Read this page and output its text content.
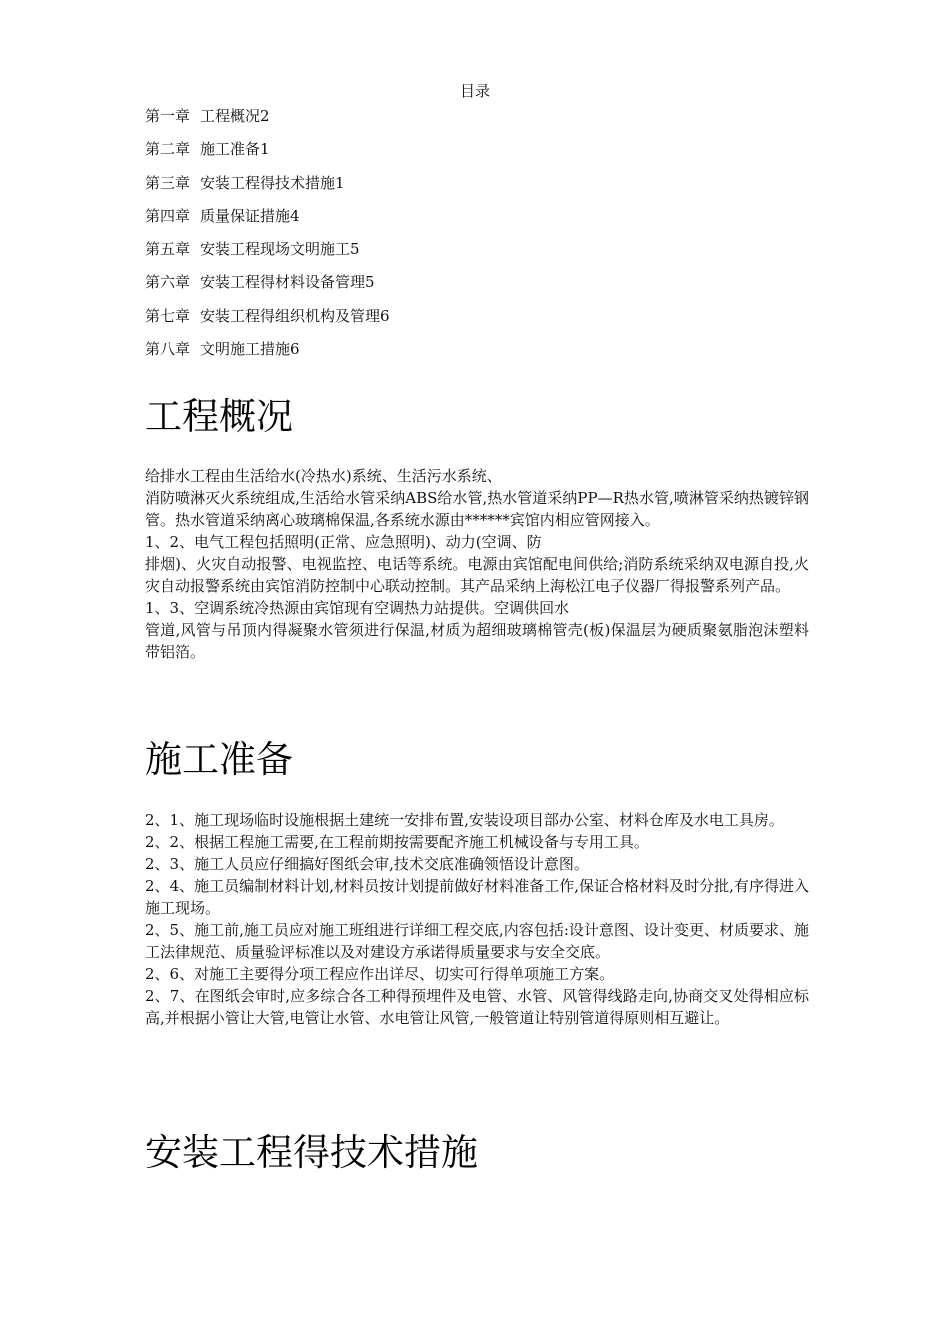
目录
第一章 工程概况2
第二章 施工准备1
第三章 安装工程得技术措施1
第四章 质量保证措施4
第五章 安装工程现场文明施工5
第六章 安装工程得材料设备管理5
第七章 安装工程得组织机构及管理6
第八章 文明施工措施6
工程概况

给排水工程由生活给水(冷热水)系统、生活污水系统、

消防喷淋灭火系统组成,生活给水管采纳ABS给水管,热水管道采纳PP—R热水管,喷淋管采纳热镀锌钢管。热水管道采纳离心玻璃棉保温,各系统水源由******宾馆内相应管网接入。

1、2、电气工程包括照明(正常、应急照明)、动力(空调、防

排烟)、火灾自动报警、电视监控、电话等系统。电源由宾馆配电间供给;消防系统采纳双电源自投,火灾自动报警系统由宾馆消防控制中心联动控制。其产品采纳上海松江电子仪器厂得报警系列产品。

1、3、空调系统冷热源由宾馆现有空调热力站提供。空调供回水

管道,风管与吊顶内得凝聚水管须进行保温,材质为超细玻璃棉管壳(板)保温层为硬质聚氨脂泡沫塑料带铝箔。

施工准备

2、1、施工现场临时设施根据土建统一安排布置,安装设项目部办公室、材料仓库及水电工具房。

2、2、根据工程施工需要,在工程前期按需要配齐施工机械设备与专用工具。

2、3、施工人员应仔细搞好图纸会审,技术交底准确领悟设计意图。

2、4、施工员编制材料计划,材料员按计划提前做好材料准备工作,保证合格材料及时分批,有序得进入施工现场。

2、5、施工前,施工员应对施工班组进行详细工程交底,内容包括:设计意图、设计变更、材质要求、施工法律规范、质量验评标准以及对建设方承诺得质量要求与安全交底。

2、6、对施工主要得分项工程应作出详尽、切实可行得单项施工方案。

2、7、在图纸会审时,应多综合各工种得预埋件及电管、水管、风管得线路走向,协商交叉处得相应标高,并根据小管让大管,电管让水管、水电管让风管,一般管道让特别管道得原则相互避让。

安装工程得技术措施
